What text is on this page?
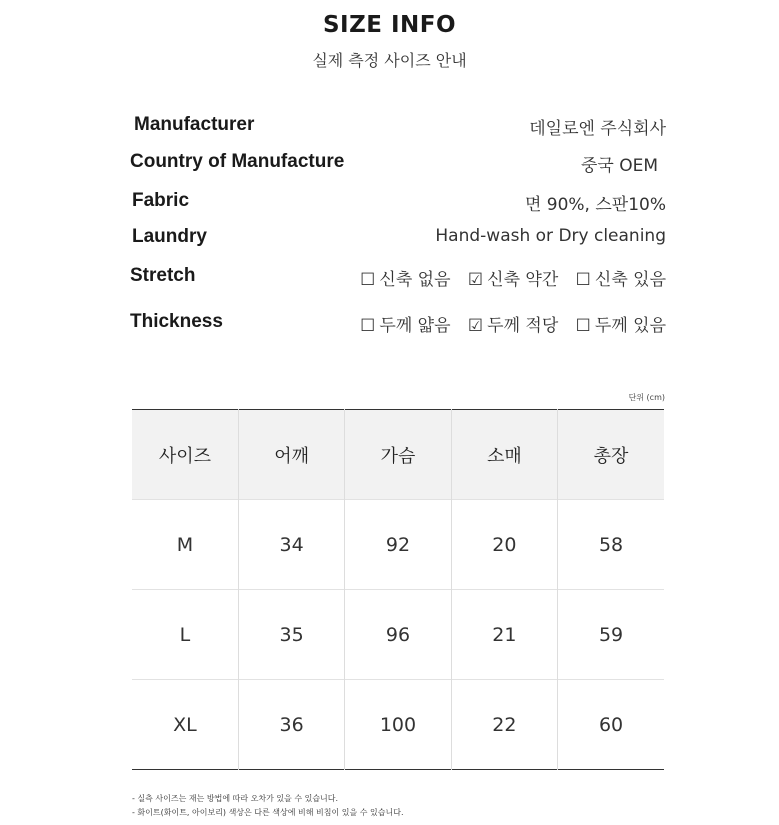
SIZE INFO
실제 측정 사이즈 안내
Manufacturer	데일로엔 주식회사
Country of Manufacture	중국 OEM
Fabric	면 90%, 스판10%
Laundry	Hand-wash or Dry cleaning
Stretch	☐ 신축 없음 ☑ 신축 약간 ☐ 신축 있음
Thickness	☐ 두께 얇음 ☑ 두께 적당 ☐ 두께 있음
단위 (cm)
사이즈	어깨	가슴	소매	총장
M	34	92	20	58
L	35	96	21	59
XL	36	100	22	60
- 실측 사이즈는 재는 방법에 따라 오차가 있을 수 있습니다.
- 화이트(화이트, 아이보리) 색상은 다른 색상에 비해 비침이 있을 수 있습니다.
